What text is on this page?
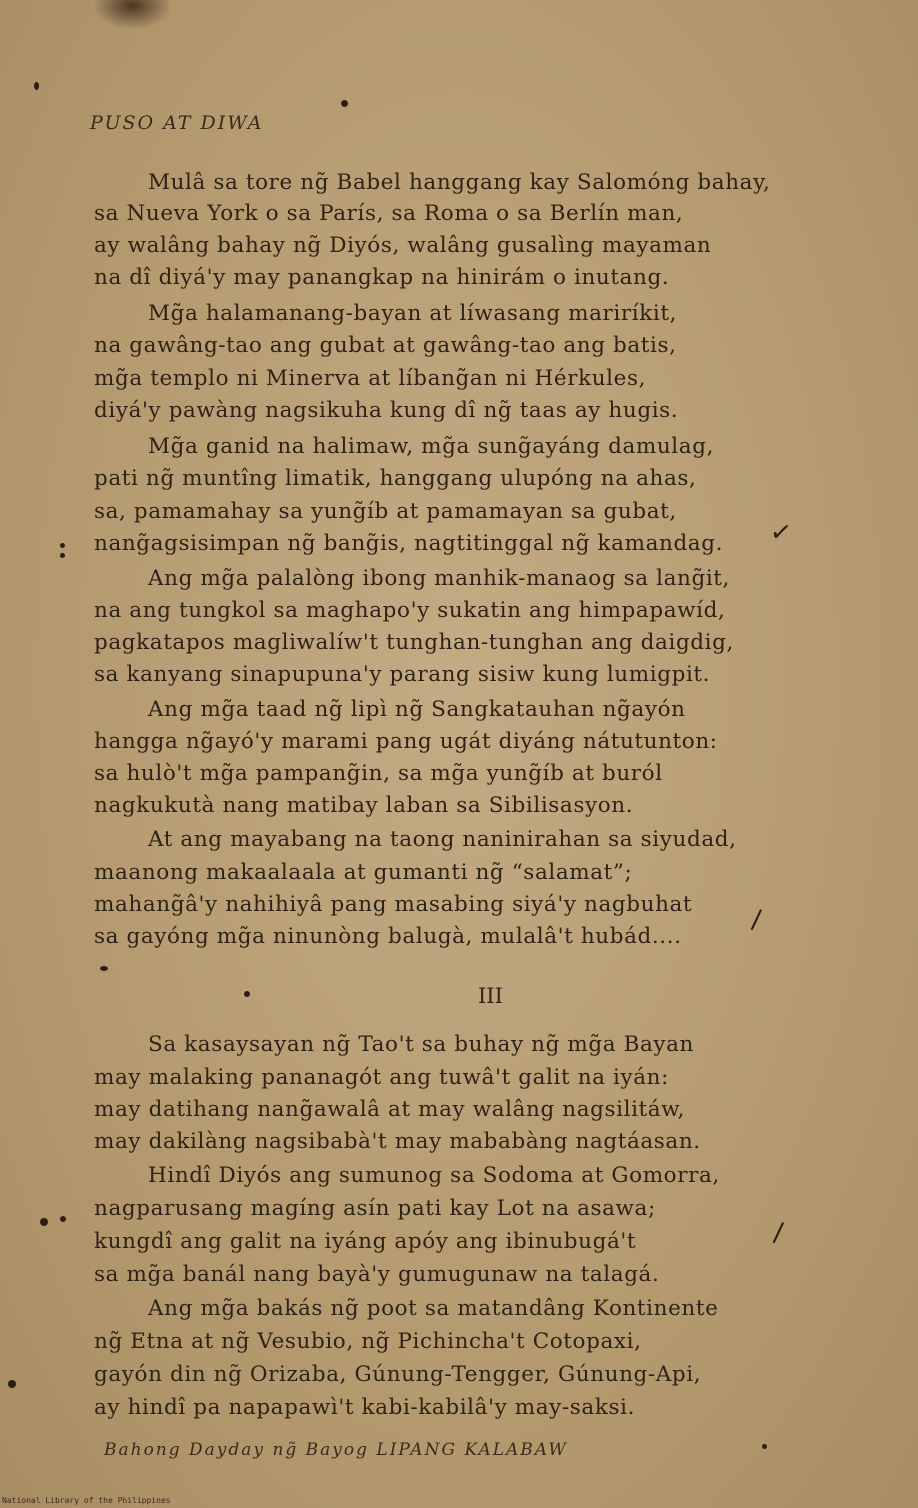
PUSO AT DIWA
Mulâ sa tore ng̃ Babel hanggang kay Salomóng bahay,
sa Nueva York o sa París, sa Roma o sa Berlín man,
ay walâng bahay ng̃ Diyós, walâng gusalìng mayaman
na dî diyá'y may panangkap na hinirám o inutang.
Mg̃a halamanang-bayan at líwasang mariríkit,
na gawâng-tao ang gubat at gawâng-tao ang batis,
mg̃a templo ni Minerva at líbang̃an ni Hérkules,
diyá'y pawàng nagsikuha kung dî ng̃ taas ay hugis.
Mg̃a ganid na halimaw, mg̃a sung̃ayáng damulag,
pati ng̃ muntîng limatik, hanggang ulupóng na ahas,
sa, pamamahay sa yung̃íb at pamamayan sa gubat,
nang̃agsisimpan ng̃ bang̃is, nagtitinggal ng̃ kamandag.
Ang mg̃a palalòng ibong manhik-manaog sa lang̃it,
na ang tungkol sa maghapo'y sukatin ang himpapawíd,
pagkatapos magliwalíw't tunghan-tunghan ang daigdig,
sa kanyang sinapupuna'y parang sisiw kung lumigpit.
Ang mg̃a taad ng̃ lipì ng̃ Sangkatauhan ng̃ayón
hangga ng̃ayó'y marami pang ugát diyáng nátutunton:
sa hulò't mg̃a pampang̃in, sa mg̃a yung̃íb at buról
nagkukutà nang matibay laban sa Sibilisasyon.
At ang mayabang na taong naninirahan sa siyudad,
maanong makaalaala at gumanti ng̃ “salamat”;
mahang̃â'y nahihiyâ pang masabing siyá'y nagbuhat
sa gayóng mg̃a ninunòng balugà, mulalâ't hubád....
III
Sa kasaysayan ng̃ Tao't sa buhay ng̃ mg̃a Bayan
may malaking pananagót ang tuwâ't galit na iyán:
may datihang nang̃awalâ at may walâng nagsilitáw,
may dakilàng nagsibabà't may mababàng nagtáasan.
Hindî Diyós ang sumunog sa Sodoma at Gomorra,
nagparusang magíng asín pati kay Lot na asawa;
kungdî ang galit na iyáng apóy ang ibinubugá't
sa mg̃a banál nang bayà'y gumugunaw na talagá.
Ang mg̃a bakás ng̃ poot sa matandâng Kontinente
ng̃ Etna at ng̃ Vesubio, ng̃ Pichincha't Cotopaxi,
gayón din ng̃ Orizaba, Gúnung-Tengger, Gúnung-Api,
ay hindî pa napapawì't kabi-kabilâ'y may-saksi.
Bahong Dayday ng̃ Bayog LIPANG KALABAW
National Library of the Philippines
✓
∕
∕
